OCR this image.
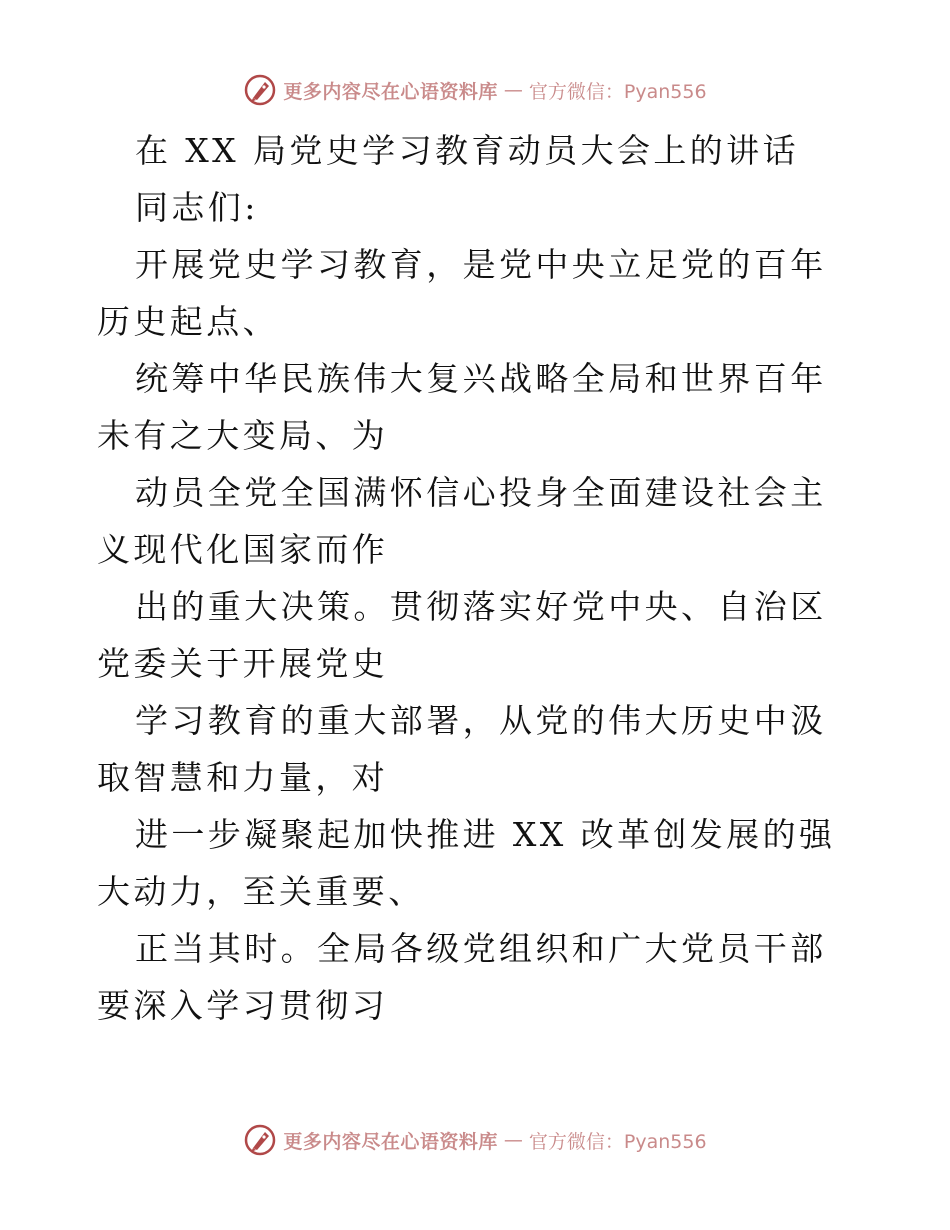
更多内容尽在心语资料库 — 官方微信：Pyan556

在 XX 局党史学习教育动员大会上的讲话

同志们:

开展党史学习教育，是党中央立足党的百年历史起点、

统筹中华民族伟大复兴战略全局和世界百年未有之大变局、为

动员全党全国满怀信心投身全面建设社会主义现代化国家而作

出的重大决策。贯彻落实好党中央、自治区党委关于开展党史

学习教育的重大部署，从党的伟大历史中汲取智慧和力量，对

进一步凝聚起加快推进 XX 改革创发展的强大动力，至关重要、

正当其时。全局各级党组织和广大党员干部要深入学习贯彻习

更多内容尽在心语资料库 — 官方微信：Pyan556
